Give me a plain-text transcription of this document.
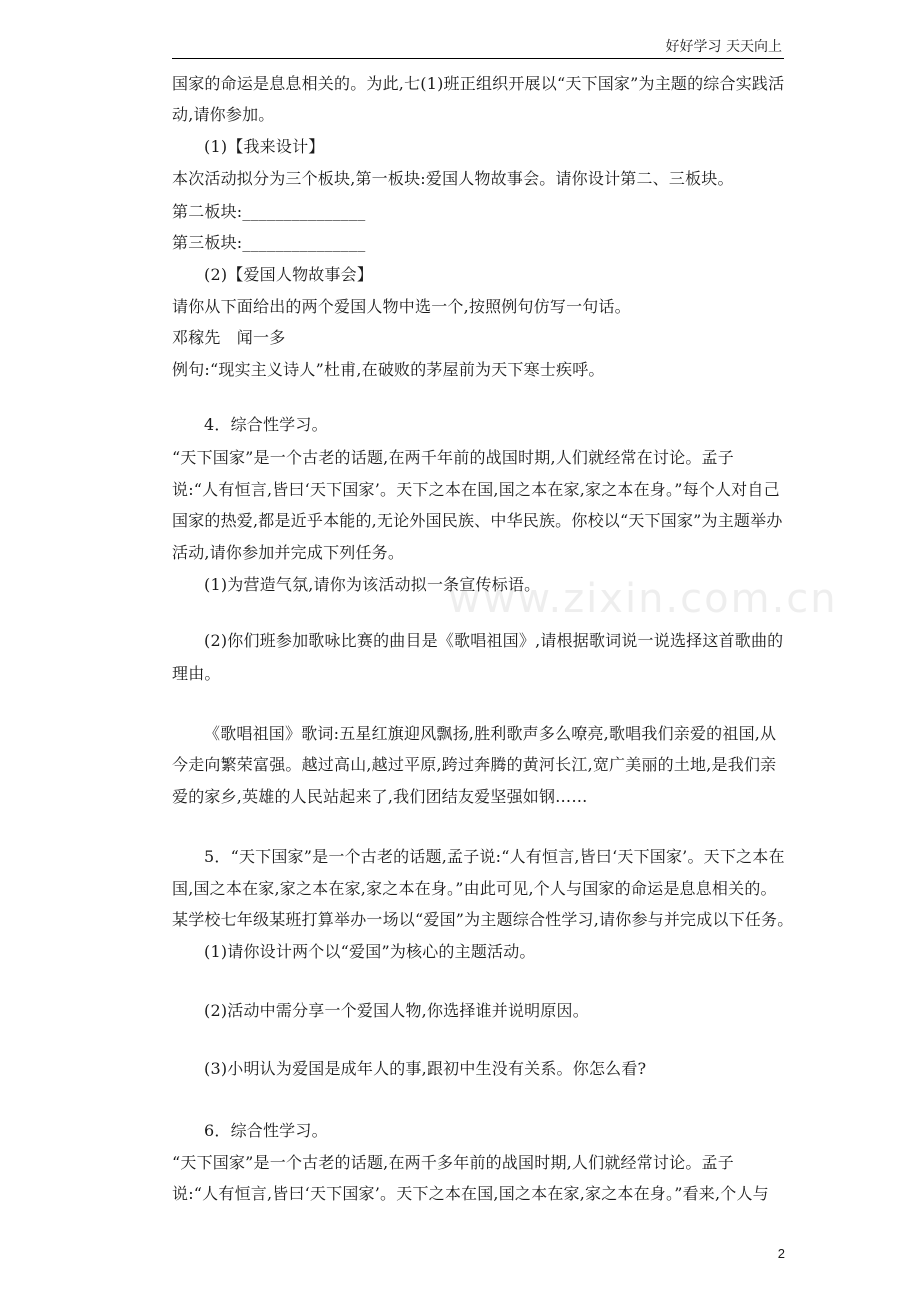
好好学习 天天向上
www.zixin.com.cn
国家的命运是息息相关的。为此,七(1)班正组织开展以“天下国家”为主题的综合实践活
动,请你参加。
(1)【我来设计】
本次活动拟分为三个板块,第一板块:爱国人物故事会。请你设计第二、三板块。
第二板块:_______________
第三板块:_______________
(2)【爱国人物故事会】
请你从下面给出的两个爱国人物中选一个,按照例句仿写一句话。
邓稼先　闻一多
例句:“现实主义诗人”杜甫,在破败的茅屋前为天下寒士疾呼。
4．综合性学习。
“天下国家”是一个古老的话题,在两千年前的战国时期,人们就经常在讨论。孟子
说:“人有恒言,皆曰‘天下国家’。天下之本在国,国之本在家,家之本在身。”每个人对自己
国家的热爱,都是近乎本能的,无论外国民族、中华民族。你校以“天下国家”为主题举办
活动,请你参加并完成下列任务。
(1)为营造气氛,请你为该活动拟一条宣传标语。
(2)你们班参加歌咏比赛的曲目是《歌唱祖国》,请根据歌词说一说选择这首歌曲的
理由。
《歌唱祖国》歌词:五星红旗迎风飘扬,胜利歌声多么嘹亮,歌唱我们亲爱的祖国,从
今走向繁荣富强。越过高山,越过平原,跨过奔腾的黄河长江,宽广美丽的土地,是我们亲
爱的家乡,英雄的人民站起来了,我们团结友爱坚强如钢……
5．“天下国家”是一个古老的话题,孟子说:“人有恒言,皆曰‘天下国家’。天下之本在
国,国之本在家,家之本在家,家之本在身。”由此可见,个人与国家的命运是息息相关的。
某学校七年级某班打算举办一场以“爱国”为主题综合性学习,请你参与并完成以下任务。
(1)请你设计两个以“爱国”为核心的主题活动。
(2)活动中需分享一个爱国人物,你选择谁并说明原因。
(3)小明认为爱国是成年人的事,跟初中生没有关系。你怎么看?
6．综合性学习。
“天下国家”是一个古老的话题,在两千多年前的战国时期,人们就经常讨论。孟子
说:“人有恒言,皆曰‘天下国家’。天下之本在国,国之本在家,家之本在身。”看来,个人与
2
